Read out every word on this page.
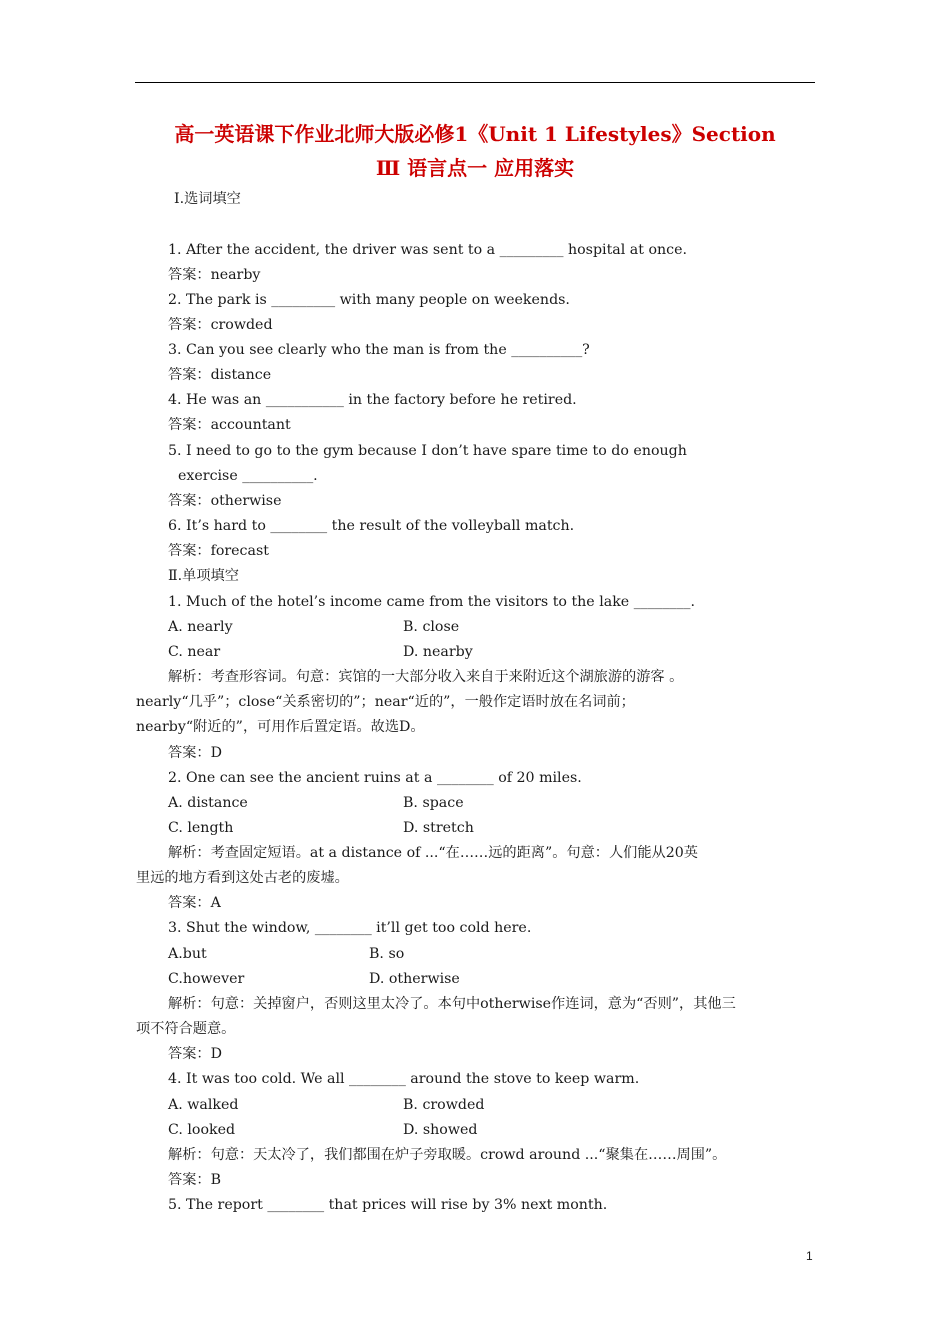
高一英语课下作业北师大版必修1《Unit 1 Lifestyles》Section
Ⅲ 语言点一 应用落实
Ⅰ.选词填空
1. After the accident, the driver was sent to a _________ hospital at once.
答案：nearby
2. The park is _________ with many people on weekends.
答案：crowded
3. Can you see clearly who the man is from the __________?
答案：distance
4. He was an ___________ in the factory before he retired.
答案：accountant
5. I need to go to the gym because I don’t have spare time to do enough
exercise __________.
答案：otherwise
6. It’s hard to ________ the result of the volleyball match.
答案：forecast
Ⅱ.单项填空
1. Much of the hotel’s income came from the visitors to the lake ________.
A. nearly	B. close
C. near	D. nearby
解析：考查形容词。句意：宾馆的一大部分收入来自于来附近这个湖旅游的游客 。
nearly“几乎”；close“关系密切的”；near“近的”，一般作定语时放在名词前；
nearby“附近的”，可用作后置定语。故选D。
答案：D
2. One can see the ancient ruins at a ________ of 20 miles.
A. distance	B. space
C. length	D. stretch
解析：考查固定短语。at a distance of ...“在……远的距离”。句意：人们能从20英
里远的地方看到这处古老的废墟。
答案：A
3. Shut the window, ________ it’ll get too cold here.
A.but	B. so
C.however	D. otherwise
解析：句意：关掉窗户，否则这里太冷了。本句中otherwise作连词，意为“否则”，其他三
项不符合题意。
答案：D
4. It was too cold. We all ________ around the stove to keep warm.
A. walked	B. crowded
C. looked	D. showed
解析：句意：天太冷了，我们都围在炉子旁取暖。crowd around ...“聚集在……周围”。
答案：B
5. The report ________ that prices will rise by 3% next month.
1
